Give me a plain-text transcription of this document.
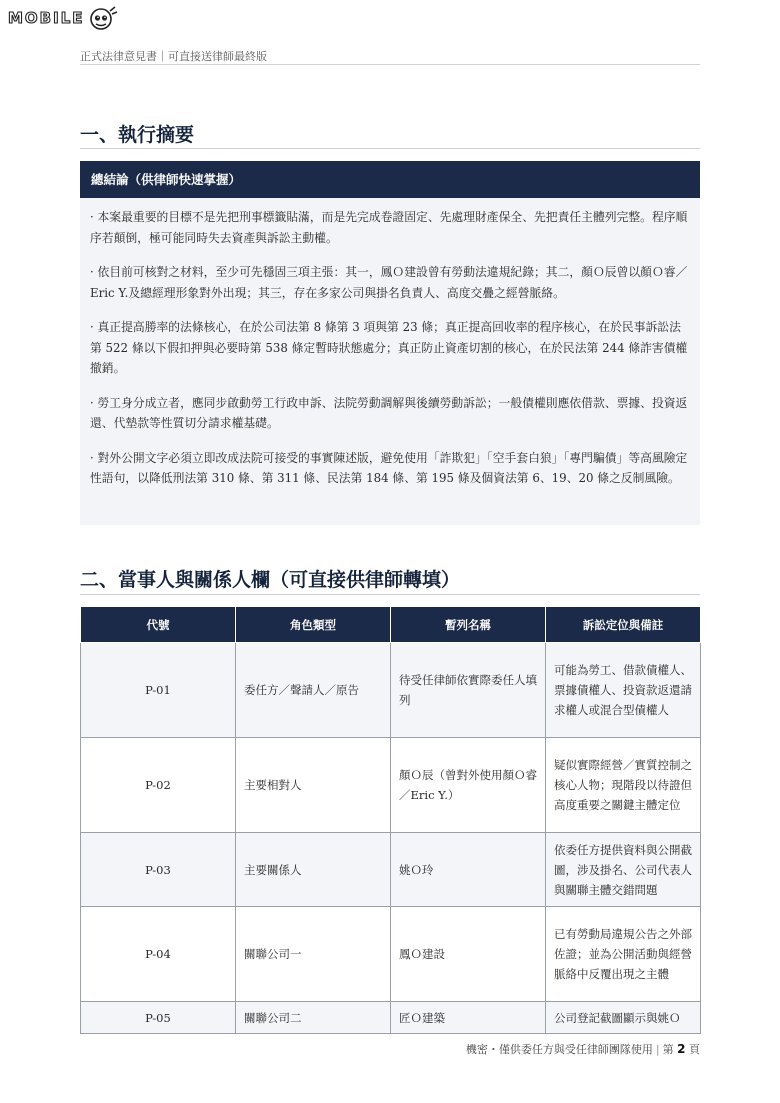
MOBILE
正式法律意見書｜可直接送律師最終版
一、執行摘要
總結論（供律師快速掌握）
· 本案最重要的目標不是先把刑事標籤貼滿，而是先完成卷證固定、先處理財產保全、先把責任主體列完整。程序順序若顛倒，極可能同時失去資產與訴訟主動權。
· 依目前可核對之材料，至少可先穩固三項主張：其一，鳳Ｏ建設曾有勞動法違規紀錄；其二，顏Ｏ辰曾以顏Ｏ睿／Eric Y.及總經理形象對外出現；其三，存在多家公司與掛名負責人、高度交疊之經營脈絡。
· 真正提高勝率的法條核心，在於公司法第 8 條第 3 項與第 23 條；真正提高回收率的程序核心，在於民事訴訟法第 522 條以下假扣押與必要時第 538 條定暫時狀態處分；真正防止資產切割的核心，在於民法第 244 條詐害債權撤銷。
· 勞工身分成立者，應同步啟動勞工行政申訴、法院勞動調解與後續勞動訴訟；一般債權則應依借款、票據、投資返還、代墊款等性質切分請求權基礎。
· 對外公開文字必須立即改成法院可接受的事實陳述版，避免使用「詐欺犯」「空手套白狼」「專門騙債」等高風險定性語句，以降低刑法第 310 條、第 311 條、民法第 184 條、第 195 條及個資法第 6、19、20 條之反制風險。
二、當事人與關係人欄（可直接供律師轉填）
代號	角色類型	暫列名稱	訴訟定位與備註
P-01	委任方／聲請人／原告	待受任律師依實際委任人填列	可能為勞工、借款債權人、票據債權人、投資款返還請求權人或混合型債權人
P-02	主要相對人	顏Ｏ辰（曾對外使用顏Ｏ睿／Eric Y.）	疑似實際經營／實質控制之核心人物；現階段以待證但高度重要之關鍵主體定位
P-03	主要關係人	姚Ｏ玲	依委任方提供資料與公開截圖，涉及掛名、公司代表人與關聯主體交錯問題
P-04	關聯公司一	鳳Ｏ建設	已有勞動局違規公告之外部佐證；並為公開活動與經營脈絡中反覆出現之主體
P-05	關聯公司二	匠Ｏ建築	公司登記截圖顯示與姚Ｏ
機密・僅供委任方與受任律師團隊使用 | 第 2 頁
